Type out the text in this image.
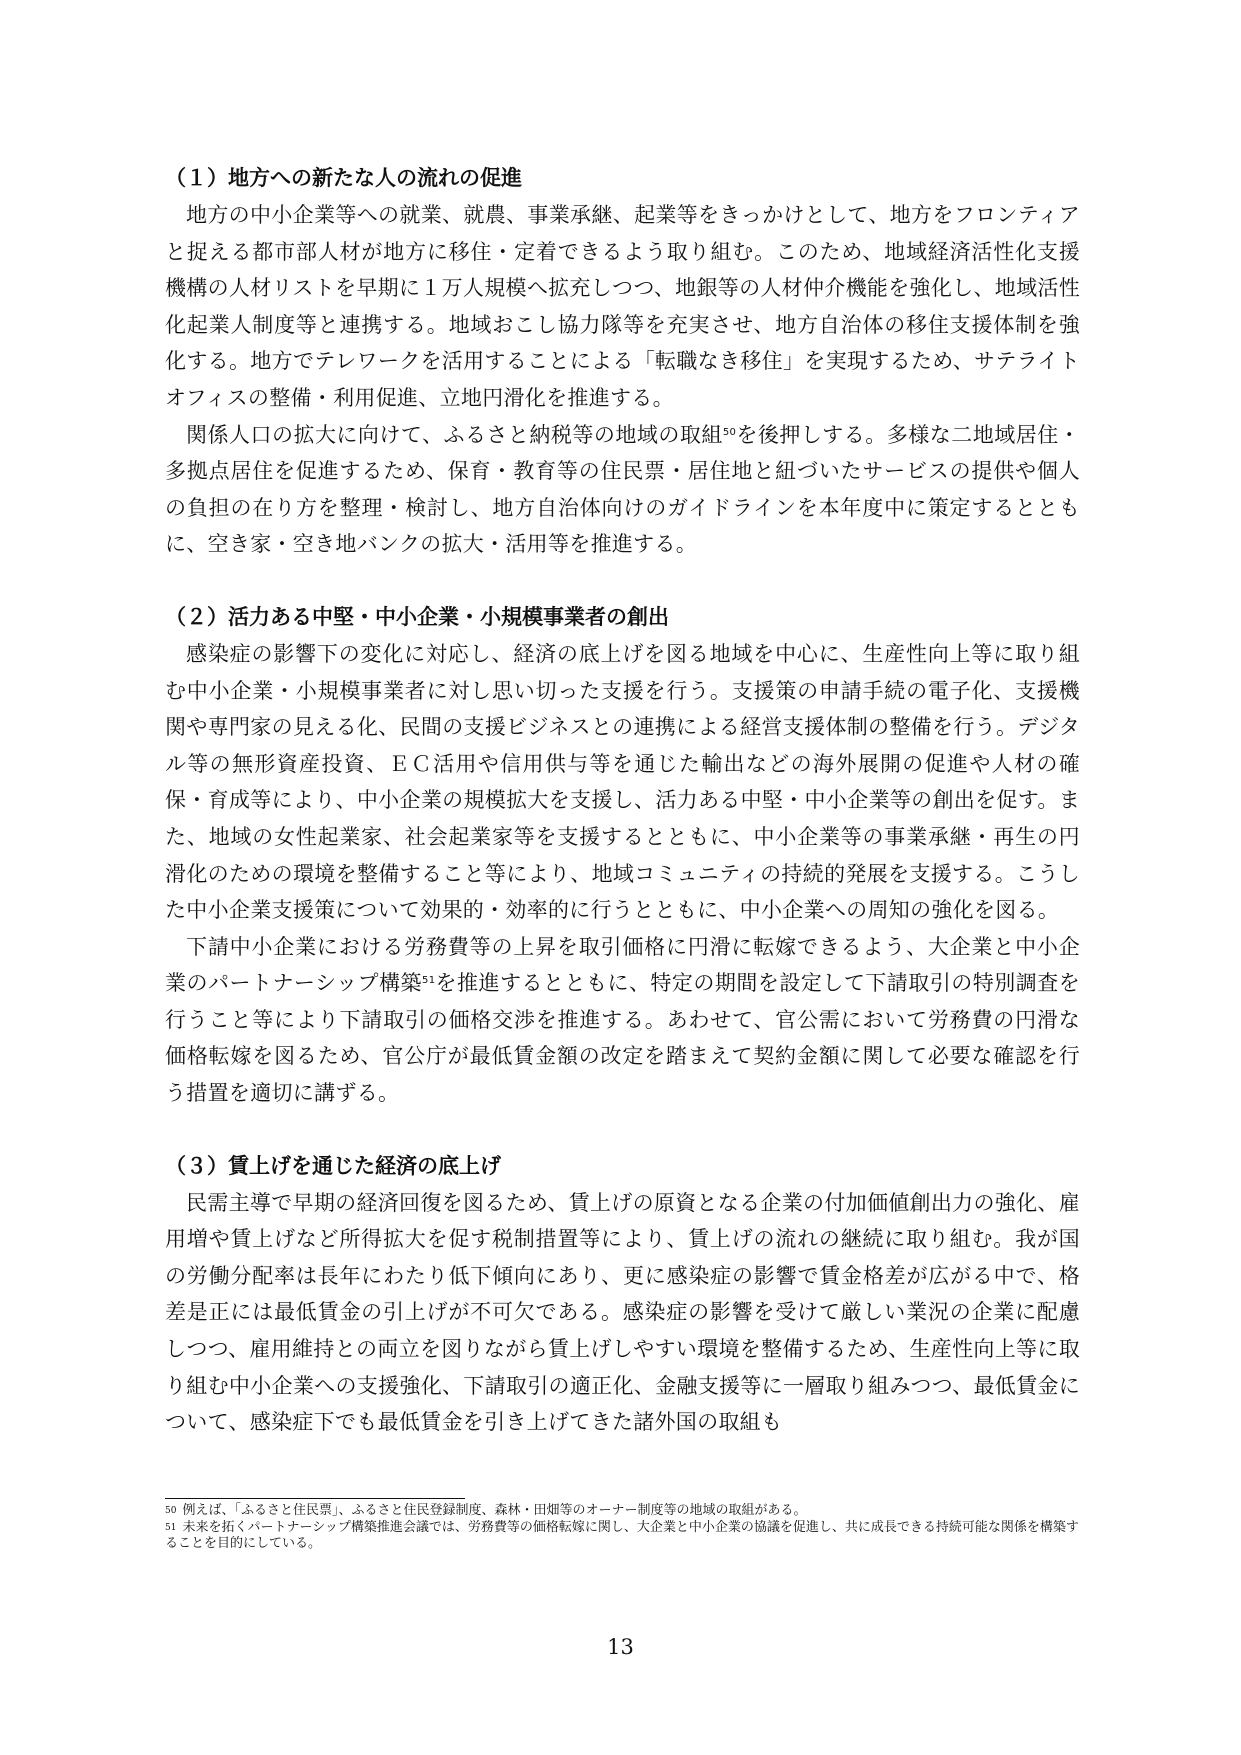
（１）地方への新たな人の流れの促進

地方の中小企業等への就業、就農、事業承継、起業等をきっかけとして、地方をフロンティアと捉える都市部人材が地方に移住・定着できるよう取り組む。このため、地域経済活性化支援機構の人材リストを早期に１万人規模へ拡充しつつ、地銀等の人材仲介機能を強化し、地域活性化起業人制度等と連携する。地域おこし協力隊等を充実させ、地方自治体の移住支援体制を強化する。地方でテレワークを活用することによる「転職なき移住」を実現するため、サテライトオフィスの整備・利用促進、立地円滑化を推進する。

関係人口の拡大に向けて、ふるさと納税等の地域の取組$^{50}$を後押しする。多様な二地域居住・多拠点居住を促進するため、保育・教育等の住民票・居住地と紐づいたサービスの提供や個人の負担の在り方を整理・検討し、地方自治体向けのガイドラインを本年度中に策定するとともに、空き家・空き地バンクの拡大・活用等を推進する。

（２）活力ある中堅・中小企業・小規模事業者の創出

感染症の影響下の変化に対応し、経済の底上げを図る地域を中心に、生産性向上等に取り組む中小企業・小規模事業者に対し思い切った支援を行う。支援策の申請手続の電子化、支援機関や専門家の見える化、民間の支援ビジネスとの連携による経営支援体制の整備を行う。デジタル等の無形資産投資、ＥＣ活用や信用供与等を通じた輸出などの海外展開の促進や人材の確保・育成等により、中小企業の規模拡大を支援し、活力ある中堅・中小企業等の創出を促す。また、地域の女性起業家、社会起業家等を支援するとともに、中小企業等の事業承継・再生の円滑化のための環境を整備すること等により、地域コミュニティの持続的発展を支援する。こうした中小企業支援策について効果的・効率的に行うとともに、中小企業への周知の強化を図る。

下請中小企業における労務費等の上昇を取引価格に円滑に転嫁できるよう、大企業と中小企業のパートナーシップ構築$^{51}$を推進するとともに、特定の期間を設定して下請取引の特別調査を行うこと等により下請取引の価格交渉を推進する。あわせて、官公需において労務費の円滑な価格転嫁を図るため、官公庁が最低賃金額の改定を踏まえて契約金額に関して必要な確認を行う措置を適切に講ずる。

（３）賃上げを通じた経済の底上げ

民需主導で早期の経済回復を図るため、賃上げの原資となる企業の付加価値創出力の強化、雇用増や賃上げなど所得拡大を促す税制措置等により、賃上げの流れの継続に取り組む。我が国の労働分配率は長年にわたり低下傾向にあり、更に感染症の影響で賃金格差が広がる中で、格差是正には最低賃金の引上げが不可欠である。感染症の影響を受けて厳しい業況の企業に配慮しつつ、雇用維持との両立を図りながら賃上げしやすい環境を整備するため、生産性向上等に取り組む中小企業への支援強化、下請取引の適正化、金融支援等に一層取り組みつつ、最低賃金について、感染症下でも最低賃金を引き上げてきた諸外国の取組も

$^{50}$ 例えば、「ふるさと住民票」、ふるさと住民登録制度、森林・田畑等のオーナー制度等の地域の取組がある。

$^{51}$ 未来を拓くパートナーシップ構築推進会議では、労務費等の価格転嫁に関し、大企業と中小企業の協議を促進し、共に成長できる持続可能な関係を構築することを目的にしている。

13
